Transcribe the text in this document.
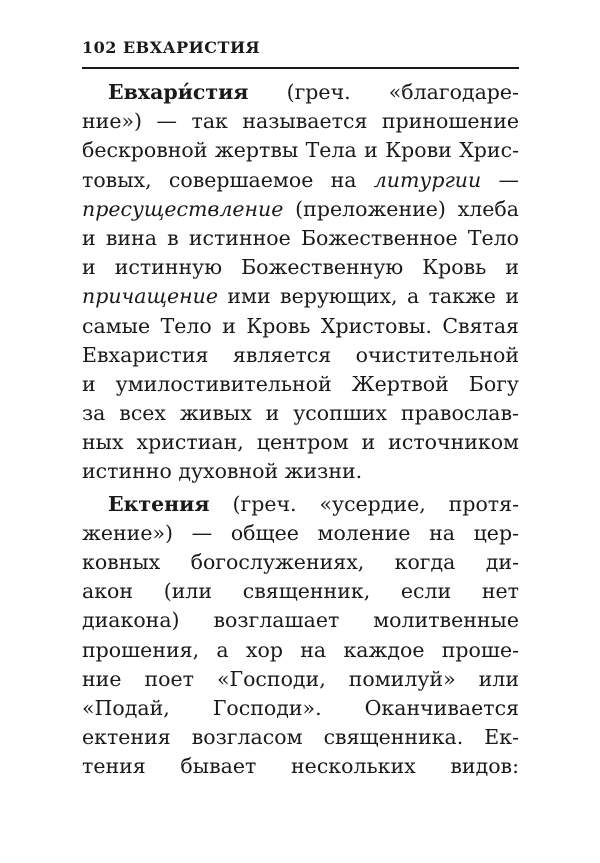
102 ЕВХАРИСТИЯ
Евхари́стия (греч. «благодаре-
ние») — так называется приношение
бескровной жертвы Тела и Крови Хрис-
товых, совершаемое на литургии —
пресуществление (преложение) хлеба
и вина в истинное Божественное Тело
и истинную Божественную Кровь и
причащение ими верующих, а также и
самые Тело и Кровь Христовы. Святая
Евхаристия является очистительной
и умилостивительной Жертвой Богу
за всех живых и усопших православ-
ных христиан, центром и источником
истинно духовной жизни.
Ектения (греч. «усердие, протя-
жение») — общее моление на цер-
ковных богослужениях, когда ди-
акон (или священник, если нет
диакона) возглашает молитвенные
прошения, а хор на каждое проше-
ние поет «Господи, помилуй» или
«Подай, Господи». Оканчивается
ектения возгласом священника. Ек-
тения бывает нескольких видов:
